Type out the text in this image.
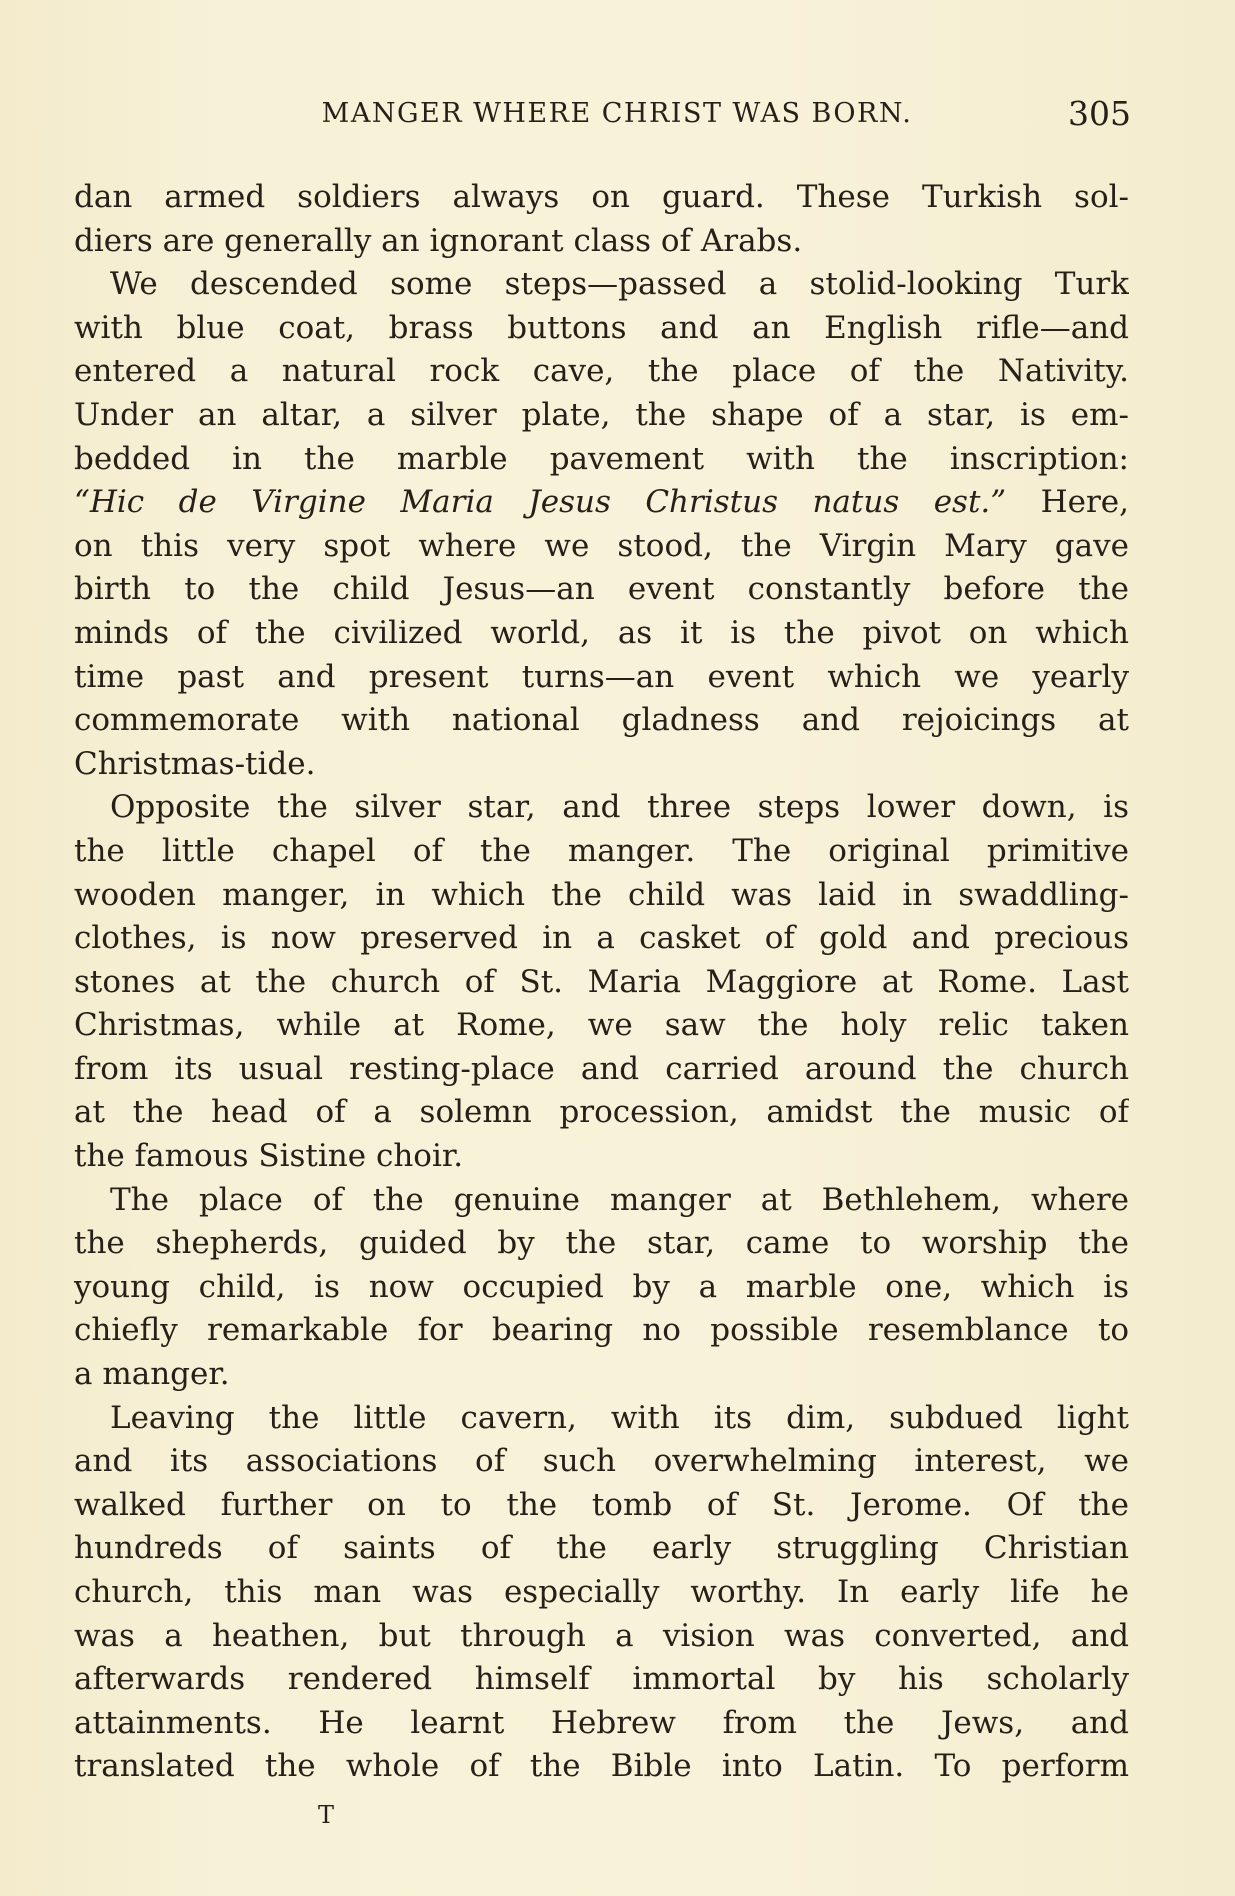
MANGER WHERE CHRIST WAS BORN.	305
dan armed soldiers always on guard. These Turkish sol-
diers are generally an ignorant class of Arabs.
We descended some steps—passed a stolid-looking Turk
with blue coat, brass buttons and an English rifle—and
entered a natural rock cave, the place of the Nativity.
Under an altar, a silver plate, the shape of a star, is em-
bedded in the marble pavement with the inscription:
“Hic de Virgine Maria Jesus Christus natus est.” Here,
on this very spot where we stood, the Virgin Mary gave
birth to the child Jesus—an event constantly before the
minds of the civilized world, as it is the pivot on which
time past and present turns—an event which we yearly
commemorate with national gladness and rejoicings at
Christmas-tide.
Opposite the silver star, and three steps lower down, is
the little chapel of the manger. The original primitive
wooden manger, in which the child was laid in swaddling-
clothes, is now preserved in a casket of gold and precious
stones at the church of St. Maria Maggiore at Rome. Last
Christmas, while at Rome, we saw the holy relic taken
from its usual resting-place and carried around the church
at the head of a solemn procession, amidst the music of
the famous Sistine choir.
The place of the genuine manger at Bethlehem, where
the shepherds, guided by the star, came to worship the
young child, is now occupied by a marble one, which is
chiefly remarkable for bearing no possible resemblance to
a manger.
Leaving the little cavern, with its dim, subdued light
and its associations of such overwhelming interest, we
walked further on to the tomb of St. Jerome. Of the
hundreds of saints of the early struggling Christian
church, this man was especially worthy. In early life he
was a heathen, but through a vision was converted, and
afterwards rendered himself immortal by his scholarly
attainments. He learnt Hebrew from the Jews, and
translated the whole of the Bible into Latin. To perform
T
